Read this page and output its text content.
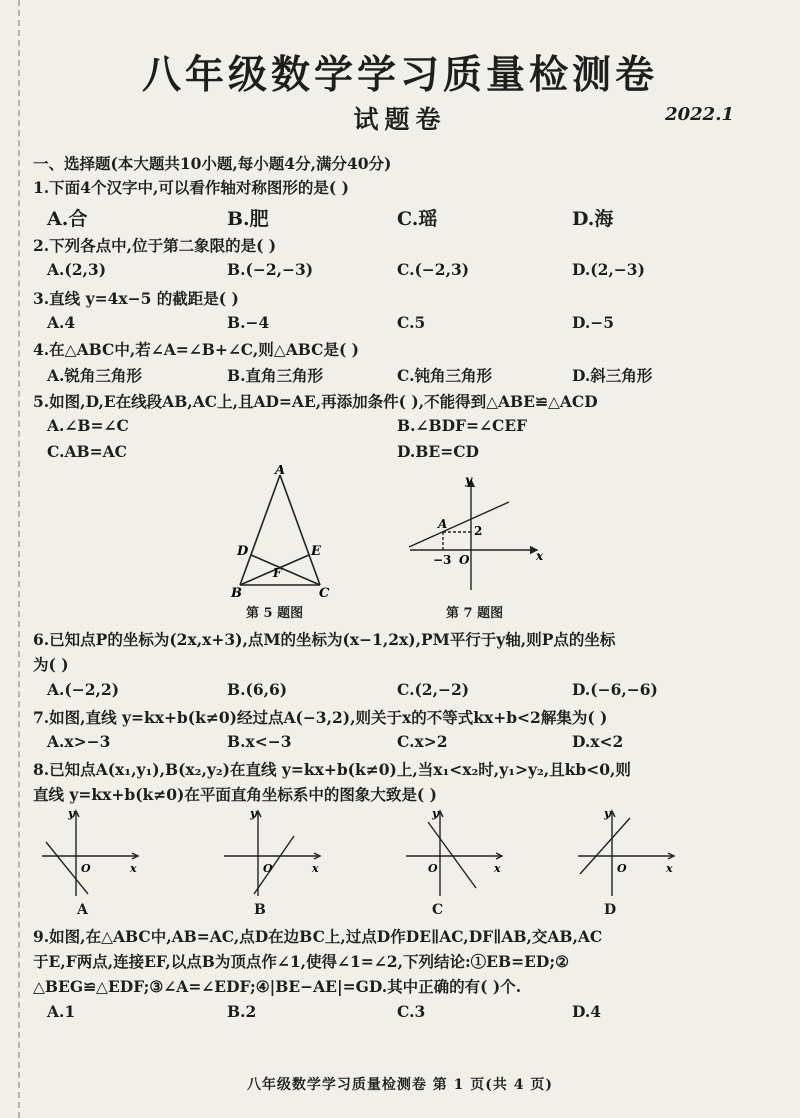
八年级数学学习质量检测卷
试题卷	2022.1
一、选择题(本大题共10小题,每小题4分,满分40分)
1.下面4个汉字中,可以看作轴对称图形的是( )
A.合	B.肥	C.瑶	D.海
2.下列各点中,位于第二象限的是( )
A.(2,3)	B.(−2,−3)	C.(−2,3)	D.(2,−3)
3.直线 y=4x−5 的截距是( )
A.4	B.−4	C.5	D.−5
4.在△ABC中,若∠A=∠B+∠C,则△ABC是( )
A.锐角三角形	B.直角三角形	C.钝角三角形	D.斜三角形
5.如图,D,E在线段AB,AC上,且AD=AE,再添加条件( ),不能得到△ABE≌△ACD
A.∠B=∠C	B.∠BDF=∠CEF
C.AB=AC	D.BE=CD
A
D	E
F
B	C
第 5 题图
y
x
A 2
−3 O
第 7 题图
6.已知点P的坐标为(2x,x+3),点M的坐标为(x−1,2x),PM平行于y轴,则P点的坐标
为( )
A.(−2,2)	B.(6,6)	C.(2,−2)	D.(−6,−6)
7.如图,直线 y=kx+b(k≠0)经过点A(−3,2),则关于x的不等式kx+b<2解集为( )
A.x>−3	B.x<−3	C.x>2	D.x<2
8.已知点A(x₁,y₁),B(x₂,y₂)在直线 y=kx+b(k≠0)上,当x₁<x₂时,y₁>y₂,且kb<0,则
直线 y=kx+b(k≠0)在平面直角坐标系中的图象大致是( )
y
x
O
y
x
O
y
x
O
y
x
O
A	B	C	D
9.如图,在△ABC中,AB=AC,点D在边BC上,过点D作DE∥AC,DF∥AB,交AB,AC
于E,F两点,连接EF,以点B为顶点作∠1,使得∠1=∠2,下列结论:①EB=ED;②
△BEG≌△EDF;③∠A=∠EDF;④|BE−AE|=GD.其中正确的有( )个.
A.1	B.2	C.3	D.4
八年级数学学习质量检测卷 第 1 页(共 4 页)
